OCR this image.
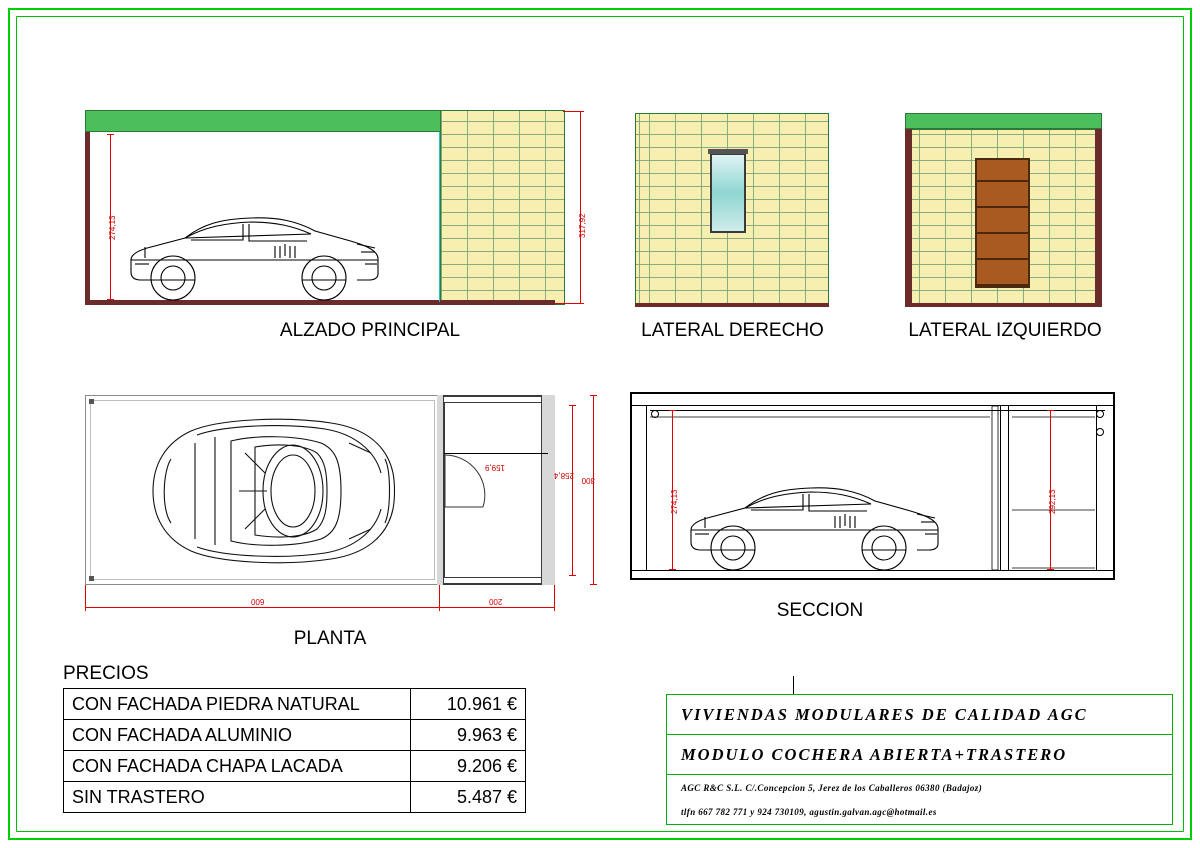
274,13	317,92
ALZADO PRINCIPAL	LATERAL DERECHO	LATERAL IZQUIERDO
159,9
258,4
300
600	200
PLANTA
274,13	292,13
SECCION
PRECIOS
CON FACHADA PIEDRA NATURAL	10.961 €
CON FACHADA ALUMINIO	9.963 €
CON FACHADA CHAPA LACADA	9.206 €
SIN TRASTERO	5.487 €
VIVIENDAS MODULARES DE CALIDAD AGC
MODULO COCHERA ABIERTA+TRASTERO
AGC R&C S.L. C/.Concepcion 5, Jerez de los Caballeros 06380 (Badajoz)
tlfn 667 782 771 y 924 730109, agustin.galvan.agc@hotmail.es
